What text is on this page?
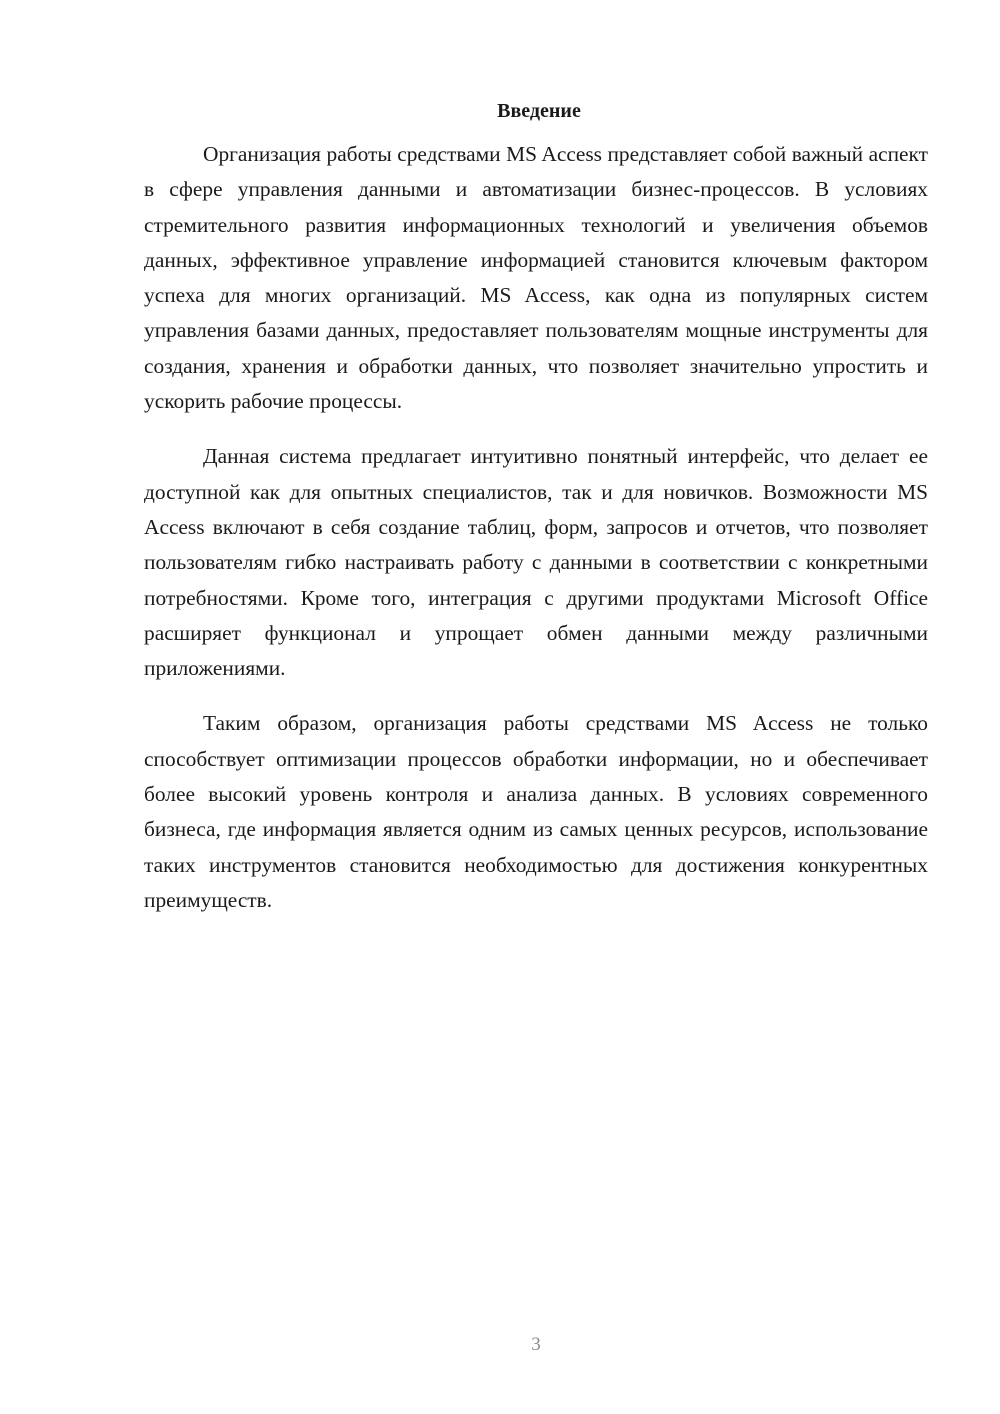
Введение

Организация работы средствами MS Access представляет собой важный аспект в сфере управления данными и автоматизации бизнес-процессов. В условиях стремительного развития информационных технологий и увеличения объемов данных, эффективное управление информацией становится ключевым фактором успеха для многих организаций. MS Access, как одна из популярных систем управления базами данных, предоставляет пользователям мощные инструменты для создания, хранения и обработки данных, что позволяет значительно упростить и ускорить рабочие процессы.

Данная система предлагает интуитивно понятный интерфейс, что делает ее доступной как для опытных специалистов, так и для новичков. Возможности MS Access включают в себя создание таблиц, форм, запросов и отчетов, что позволяет пользователям гибко настраивать работу с данными в соответствии с конкретными потребностями. Кроме того, интеграция с другими продуктами Microsoft Office расширяет функционал и упрощает обмен данными между различными приложениями.

Таким образом, организация работы средствами MS Access не только способствует оптимизации процессов обработки информации, но и обеспечивает более высокий уровень контроля и анализа данных. В условиях современного бизнеса, где информация является одним из самых ценных ресурсов, использование таких инструментов становится необходимостью для достижения конкурентных преимуществ.

3
